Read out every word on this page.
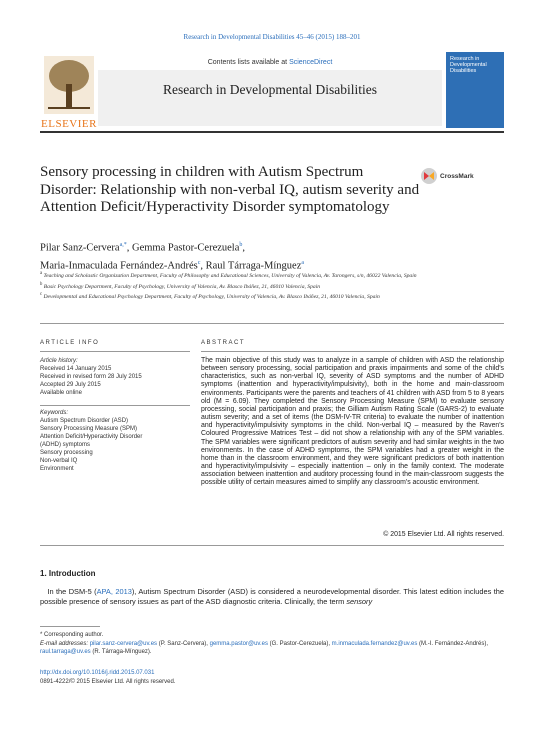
Research in Developmental Disabilities 45–46 (2015) 188–201
Contents lists available at ScienceDirect
Research in Developmental Disabilities
ELSEVIER
Research in Developmental Disabilities
Sensory processing in children with Autism Spectrum Disorder: Relationship with non-verbal IQ, autism severity and Attention Deficit/Hyperactivity Disorder symptomatology
CrossMark
Pilar Sanz-Cervera$^{a,*}$, Gemma Pastor-Cerezuela$^b$,
Maria-Inmaculada Fernández-Andrés$^c$, Raul Tárraga-Mínguez$^a$
$^a$ Teaching and Scholastic Organization Department, Faculty of Philosophy and Educational Sciences, University of Valencia, Av. Tarongers, s/n, 46022 Valencia, Spain
$^b$ Basic Psychology Department, Faculty of Psychology, University of Valencia, Av. Blasco Ibáñez, 21, 46010 Valencia, Spain
$^c$ Developmental and Educational Psychology Department, Faculty of Psychology, University of Valencia, Av. Blasco Ibáñez, 21, 46010 Valencia, Spain
ARTICLE INFO	ABSTRACT
Article history:
Received 14 January 2015
Received in revised form 28 July 2015
Accepted 29 July 2015
Available online
Keywords:
Autism Spectrum Disorder (ASD)
Sensory Processing Measure (SPM)
Attention Deficit/Hyperactivity Disorder
(ADHD) symptoms
Sensory processing
Non-verbal IQ
Environment
The main objective of this study was to analyze in a sample of children with ASD the relationship between sensory processing, social participation and praxis impairments and some of the child's characteristics, such as non-verbal IQ, severity of ASD symptoms and the number of ADHD symptoms (inattention and hyperactivity/impulsivity), both in the home and main-classroom environments. Participants were the parents and teachers of 41 children with ASD from 5 to 8 years old (M = 6.09). They completed the Sensory Processing Measure (SPM) to evaluate sensory processing, social participation and praxis; the Gilliam Autism Rating Scale (GARS-2) to evaluate autism severity; and a set of items (the DSM-IV-TR criteria) to evaluate the number of inattention and hyperactivity/impulsivity symptoms in the child. Non-verbal IQ – measured by the Raven's Coloured Progressive Matrices Test – did not show a relationship with any of the SPM variables. The SPM variables were significant predictors of autism severity and had similar weights in the two environments. In the case of ADHD symptoms, the SPM variables had a greater weight in the home than in the classroom environment, and they were significant predictors of both inattention and hyperactivity/impulsivity – especially inattention – only in the family context. The moderate association between inattention and auditory processing found in the main-classroom suggests the possible utility of certain measures aimed to simplify any classroom's acoustic environment.
© 2015 Elsevier Ltd. All rights reserved.
1. Introduction
 In the DSM-5 (APA, 2013), Autism Spectrum Disorder (ASD) is considered a neurodevelopmental disorder. This latest edition includes the possible presence of sensory issues as part of the ASD diagnostic criteria. Clinically, the term sensory
* Corresponding author.
E-mail addresses: pilar.sanz-cervera@uv.es (P. Sanz-Cervera), gemma.pastor@uv.es (G. Pastor-Cerezuela), m.inmaculada.fernandez@uv.es (M.-I. Fernández-Andrés), raul.tarraga@uv.es (R. Tárraga-Mínguez).
http://dx.doi.org/10.1016/j.ridd.2015.07.031
0891-4222/© 2015 Elsevier Ltd. All rights reserved.
